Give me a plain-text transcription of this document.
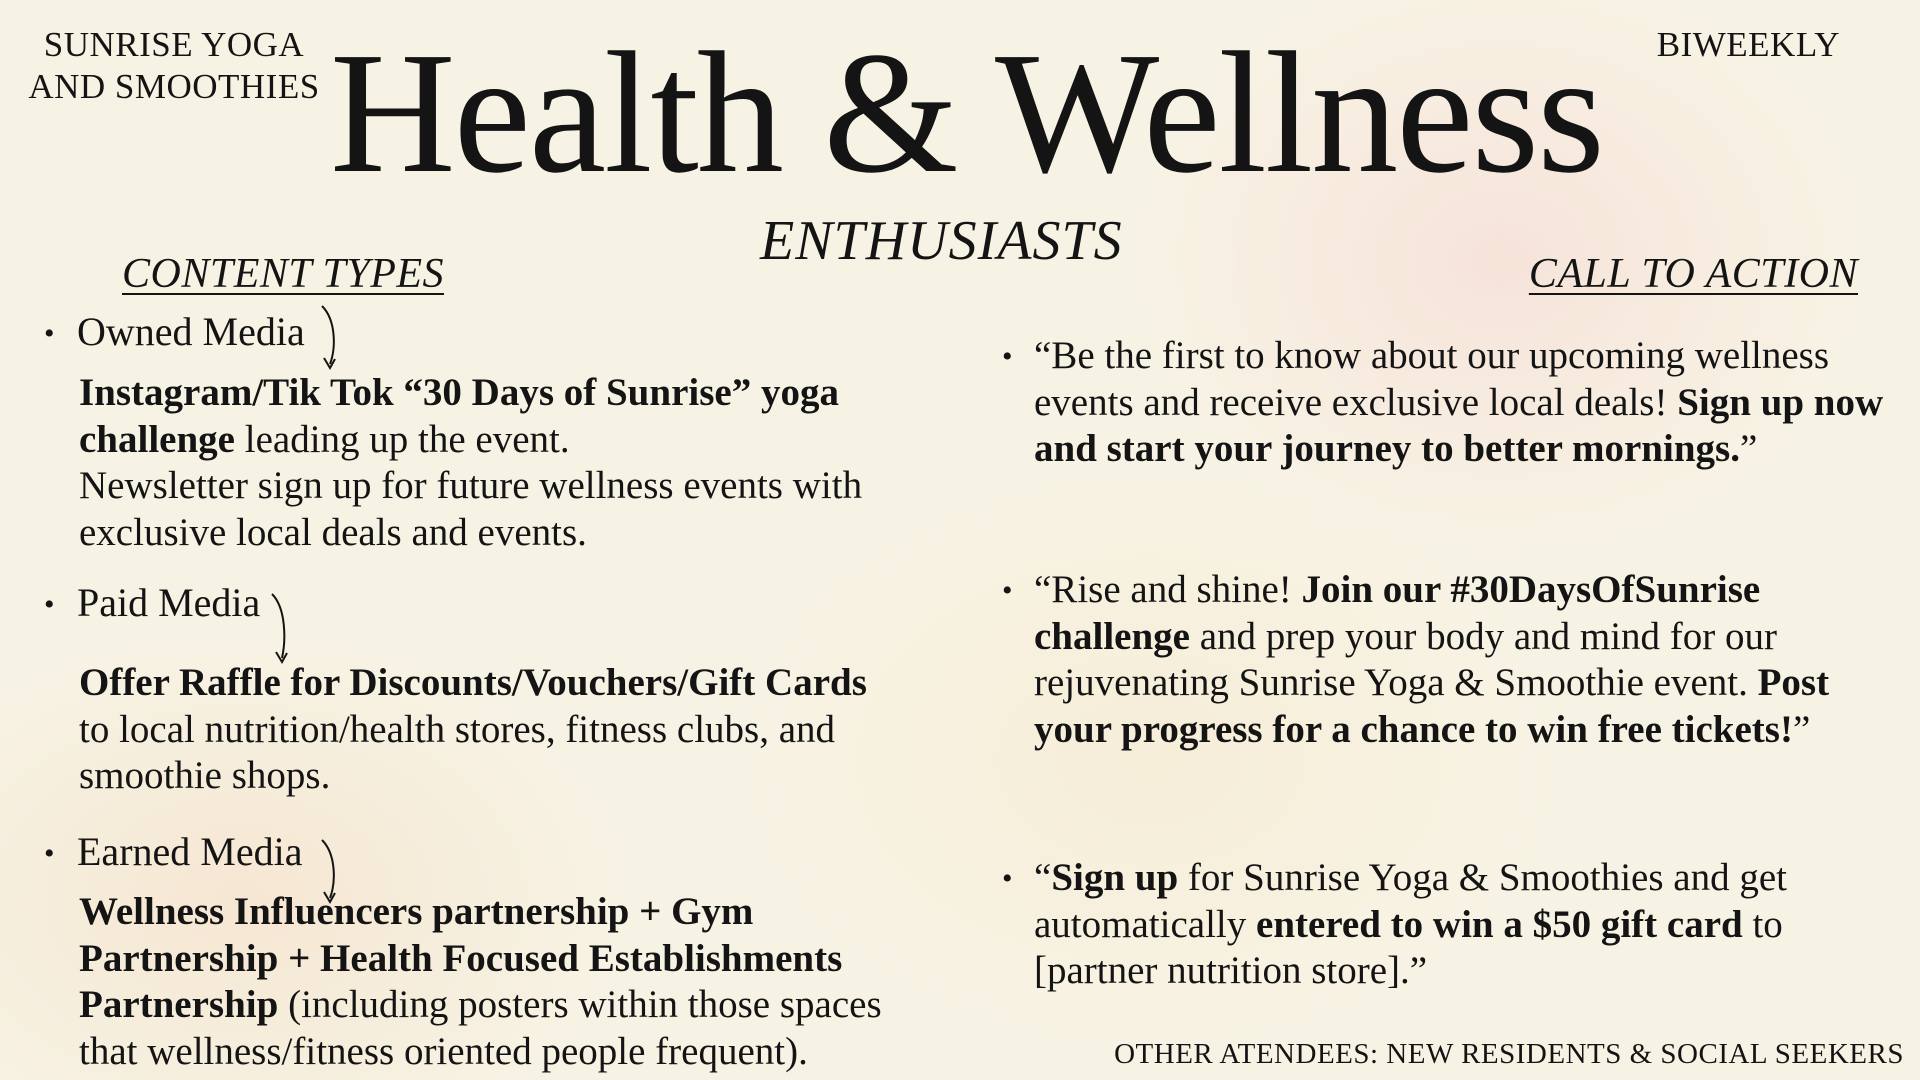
SUNRISE YOGA
AND SMOOTHIES
BIWEEKLY
Health & Wellness
ENTHUSIASTS
CONTENT TYPES	CALL TO ACTION
• Owned Media
Instagram/Tik Tok “30 Days of Sunrise” yoga
challenge leading up the event.
Newsletter sign up for future wellness events with
exclusive local deals and events.
• Paid Media
Offer Raffle for Discounts/Vouchers/Gift Cards
to local nutrition/health stores, fitness clubs, and
smoothie shops.
• Earned Media
Wellness Influencers partnership + Gym
Partnership + Health Focused Establishments
Partnership (including posters within those spaces
that wellness/fitness oriented people frequent).
• “Be the first to know about our upcoming wellness
events and receive exclusive local deals! Sign up now
and start your journey to better mornings.”
• “Rise and shine! Join our #30DaysOfSunrise
challenge and prep your body and mind for our
rejuvenating Sunrise Yoga & Smoothie event. Post
your progress for a chance to win free tickets!”
• “Sign up for Sunrise Yoga & Smoothies and get
automatically entered to win a $50 gift card to
[partner nutrition store].”
OTHER ATENDEES: NEW RESIDENTS & SOCIAL SEEKERS
